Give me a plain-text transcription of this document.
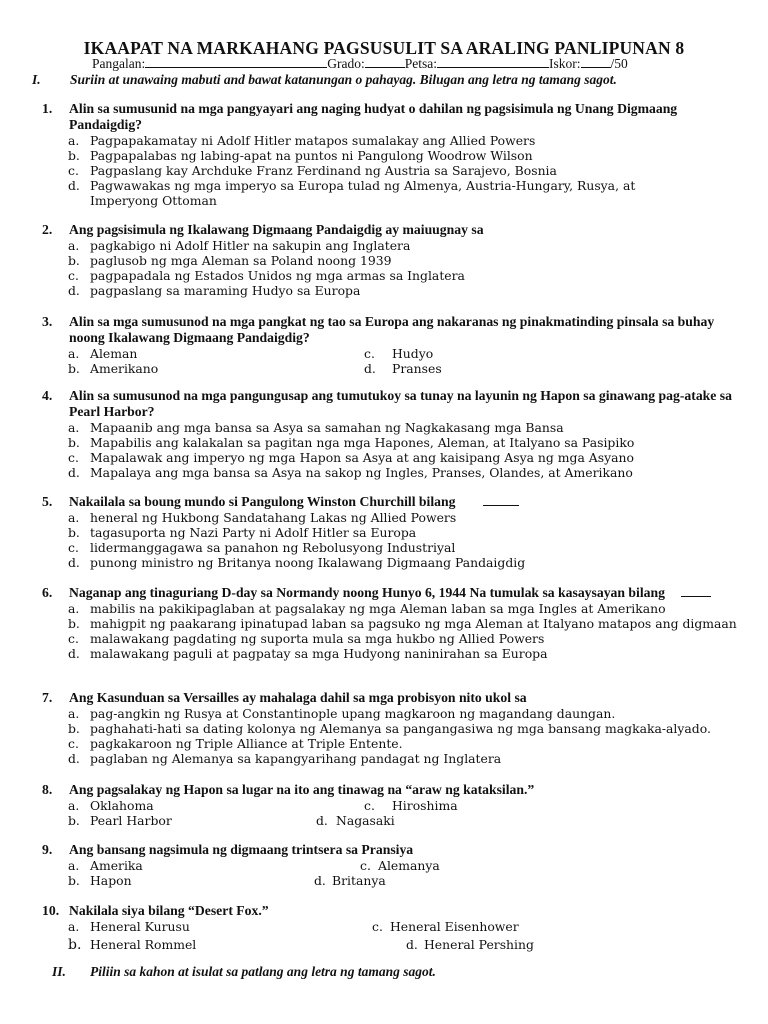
IKAAPAT NA MARKAHANG PAGSUSULIT SA ARALING PANLIPUNAN 8
Pangalan:	Grado:	Petsa:	Iskor: /50
I. Suriin at unawaing mabuti and bawat katanungan o pahayag. Bilugan ang letra ng tamang sagot.
1. Alin sa sumusunid na mga pangyayari ang naging hudyat o dahilan ng pagsisimula ng Unang Digmaang Pandaigdig?
a. Pagpapakamatay ni Adolf Hitler matapos sumalakay ang Allied Powers
b. Pagpapalabas ng labing-apat na puntos ni Pangulong Woodrow Wilson
c. Pagpaslang kay Archduke Franz Ferdinand ng Austria sa Sarajevo, Bosnia
d. Pagwawakas ng mga imperyo sa Europa tulad ng Almenya, Austria-Hungary, Rusya, at Imperyong Ottoman
2. Ang pagsisimula ng Ikalawang Digmaang Pandaigdig ay maiuugnay sa
a. pagkabigo ni Adolf Hitler na sakupin ang Inglatera
b. paglusob ng mga Aleman sa Poland noong 1939
c. pagpapadala ng Estados Unidos ng mga armas sa Inglatera
d. pagpaslang sa maraming Hudyo sa Europa
3. Alin sa mga sumusunod na mga pangkat ng tao sa Europa ang nakaranas ng pinakmatinding pinsala sa buhay noong Ikalawang Digmaang Pandaigdig?
a. Aleman	c. Hudyo
b. Amerikano	d. Pranses
4. Alin sa sumusunod na mga pangungusap ang tumutukoy sa tunay na layunin ng Hapon sa ginawang pag-atake sa Pearl Harbor?
a. Mapaanib ang mga bansa sa Asya sa samahan ng Nagkakasang mga Bansa
b. Mapabilis ang kalakalan sa pagitan nga mga Hapones, Aleman, at Italyano sa Pasipiko
c. Mapalawak ang imperyo ng mga Hapon sa Asya at ang kaisipang Asya ng mga Asyano
d. Mapalaya ang mga bansa sa Asya na sakop ng Ingles, Pranses, Olandes, at Amerikano
5. Nakailala sa boung mundo si Pangulong Winston Churchill bilang
a. heneral ng Hukbong Sandatahang Lakas ng Allied Powers
b. tagasuporta ng Nazi Party ni Adolf Hitler sa Europa
c. lidermanggagawa sa panahon ng Rebolusyong Industriyal
d. punong ministro ng Britanya noong Ikalawang Digmaang Pandaigdig
6. Naganap ang tinaguriang D-day sa Normandy noong Hunyo 6, 1944 Na tumulak sa kasaysayan bilang
a. mabilis na pakikipaglaban at pagsalakay ng mga Aleman laban sa mga Ingles at Amerikano
b. mahigpit ng paakarang ipinatupad laban sa pagsuko ng mga Aleman at Italyano matapos ang digmaan
c. malawakang pagdating ng suporta mula sa mga hukbo ng Allied Powers
d. malawakang paguli at pagpatay sa mga Hudyong naninirahan sa Europa
7. Ang Kasunduan sa Versailles ay mahalaga dahil sa mga probisyon nito ukol sa
a. pag-angkin ng Rusya at Constantinople upang magkaroon ng magandang daungan.
b. paghahati-hati sa dating kolonya ng Alemanya sa pangangasiwa ng mga bansang magkaka-alyado.
c. pagkakaroon ng Triple Alliance at Triple Entente.
d. paglaban ng Alemanya sa kapangyarihang pandagat ng Inglatera
8. Ang pagsalakay ng Hapon sa lugar na ito ang tinawag na “araw ng kataksilan.”
a. Oklahoma	c. Hiroshima
b. Pearl Harbor	d. Nagasaki
9. Ang bansang nagsimula ng digmaang trintsera sa Pransiya
a. Amerika	c. Alemanya
b. Hapon	d. Britanya
10. Nakilala siya bilang “Desert Fox.”
a. Heneral Kurusu	c. Heneral Eisenhower
b. Heneral Rommel	d. Heneral Pershing
II. Piliin sa kahon at isulat sa patlang ang letra ng tamang sagot.
